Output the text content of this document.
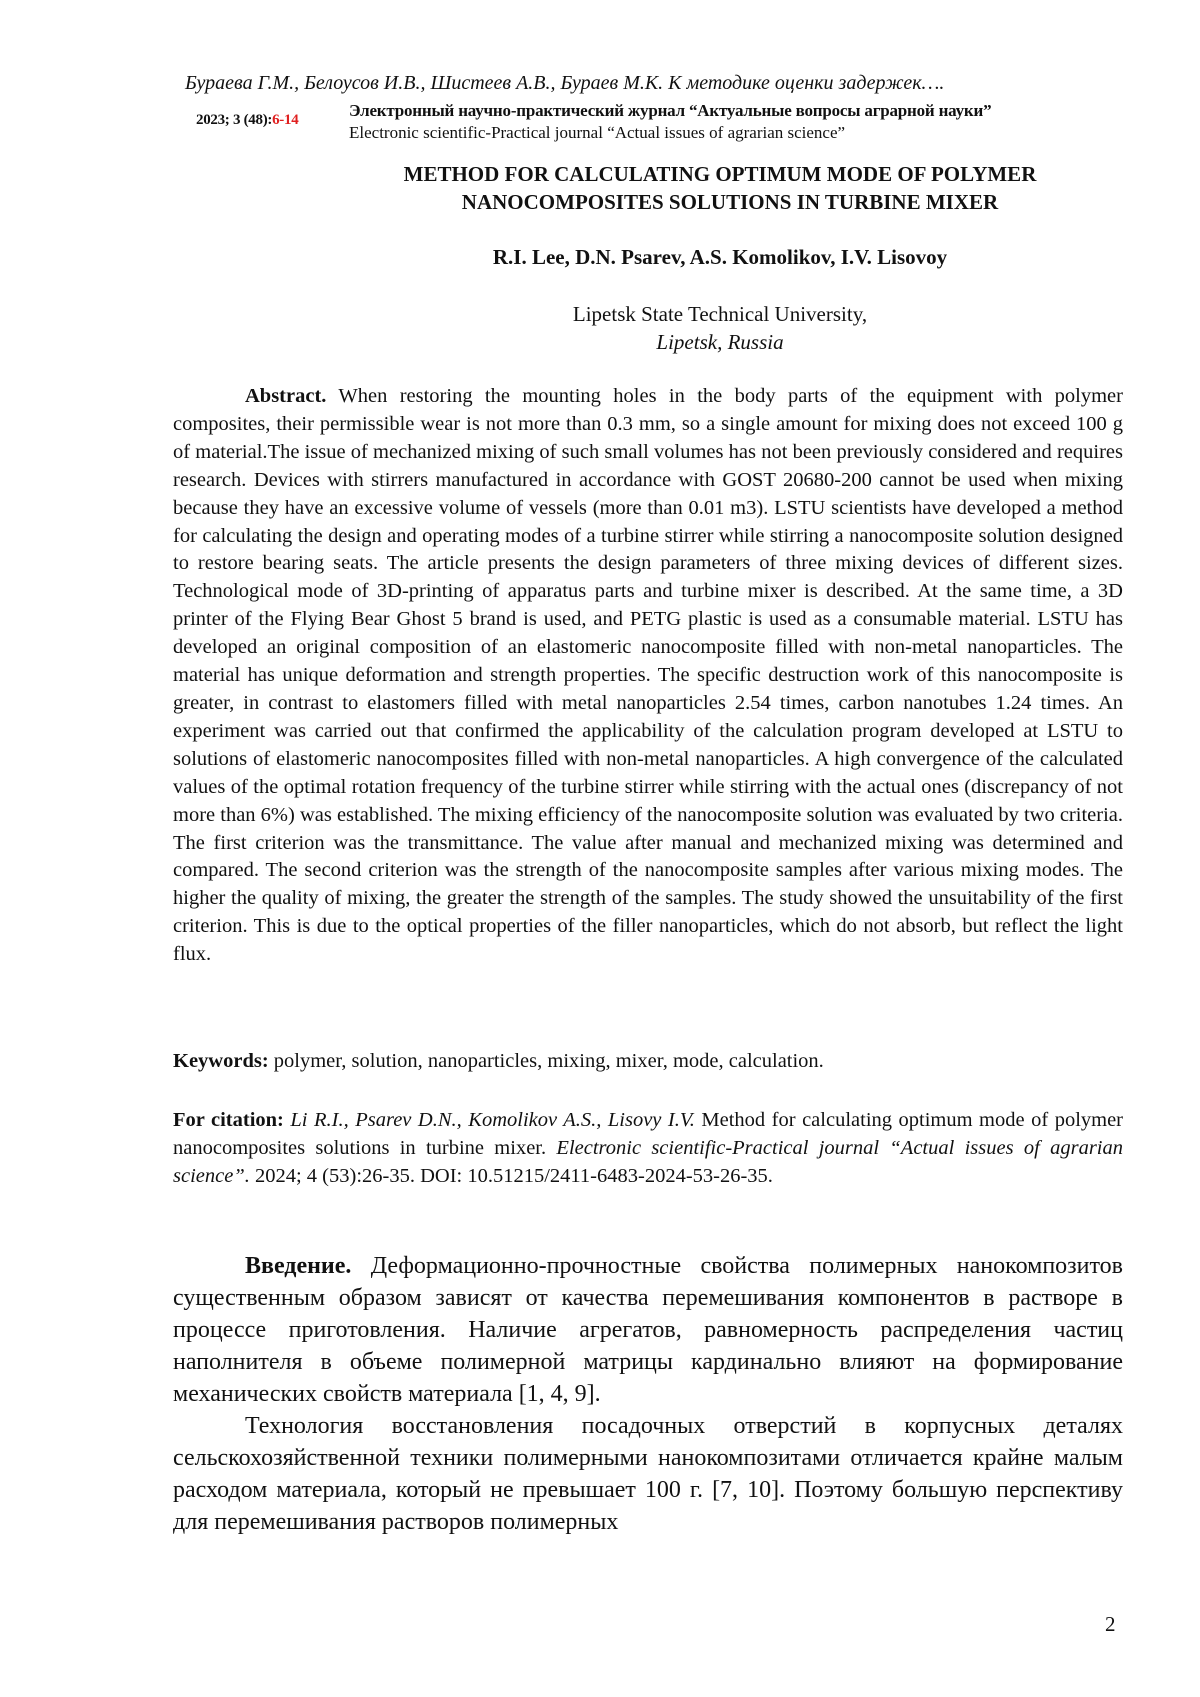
Бураева Г.М., Белоусов И.В., Шистеев А.В., Бураев М.К. К методике оценки задержек….
2023; 3 (48):6-14	Электронный научно-практический журнал “Актуальные вопросы аграрной науки”
Electronic scientific-Practical journal “Actual issues of agrarian science”
METHOD FOR CALCULATING OPTIMUM MODE OF POLYMER
NANOCOMPOSITES SOLUTIONS IN TURBINE MIXER
R.I. Lee, D.N. Psarev, A.S. Komolikov, I.V. Lisovoy
Lipetsk State Technical University,
Lipetsk, Russia
Abstract. When restoring the mounting holes in the body parts of the equipment with polymer composites, their permissible wear is not more than 0.3 mm, so a single amount for mixing does not exceed 100 g of material.The issue of mechanized mixing of such small volumes has not been previously considered and requires research. Devices with stirrers manufactured in accordance with GOST 20680-200 cannot be used when mixing because they have an excessive volume of vessels (more than 0.01 m3). LSTU scientists have developed a method for calculating the design and operating modes of a turbine stirrer while stirring a nanocomposite solution designed to restore bearing seats. The article presents the design parameters of three mixing devices of different sizes. Technological mode of 3D-printing of apparatus parts and turbine mixer is described. At the same time, a 3D printer of the Flying Bear Ghost 5 brand is used, and PETG plastic is used as a consumable material. LSTU has developed an original composition of an elastomeric nanocomposite filled with non-metal nanoparticles. The material has unique deformation and strength properties. The specific destruction work of this nanocomposite is greater, in contrast to elastomers filled with metal nanoparticles 2.54 times, carbon nanotubes 1.24 times. An experiment was carried out that confirmed the applicability of the calculation program developed at LSTU to solutions of elastomeric nanocomposites filled with non-metal nanoparticles. A high convergence of the calculated values of the optimal rotation frequency of the turbine stirrer while stirring with the actual ones (discrepancy of not more than 6%) was established. The mixing efficiency of the nanocomposite solution was evaluated by two criteria. The first criterion was the transmittance. The value after manual and mechanized mixing was determined and compared. The second criterion was the strength of the nanocomposite samples after various mixing modes. The higher the quality of mixing, the greater the strength of the samples. The study showed the unsuitability of the first criterion. This is due to the optical properties of the filler nanoparticles, which do not absorb, but reflect the light flux.
Keywords: polymer, solution, nanoparticles, mixing, mixer, mode, calculation.
For citation: Li R.I., Psarev D.N., Komolikov A.S., Lisovy I.V. Method for calculating optimum mode of polymer nanocomposites solutions in turbine mixer. Electronic scientific-Practical journal “Actual issues of agrarian science”. 2024; 4 (53):26-35. DOI: 10.51215/2411-6483-2024-53-26-35.

Введение. Деформационно-прочностные свойства полимерных нанокомпозитов существенным образом зависят от качества перемешивания компонентов в растворе в процессе приготовления. Наличие агрегатов, равномерность распределения частиц наполнителя в объеме полимерной матрицы кардинально влияют на формирование механических свойств материала [1, 4, 9].

Технология восстановления посадочных отверстий в корпусных деталях сельскохозяйственной техники полимерными нанокомпозитами отличается крайне малым расходом материала, который не превышает 100 г. [7, 10]. Поэтому большую перспективу для перемешивания растворов полимерных

2
